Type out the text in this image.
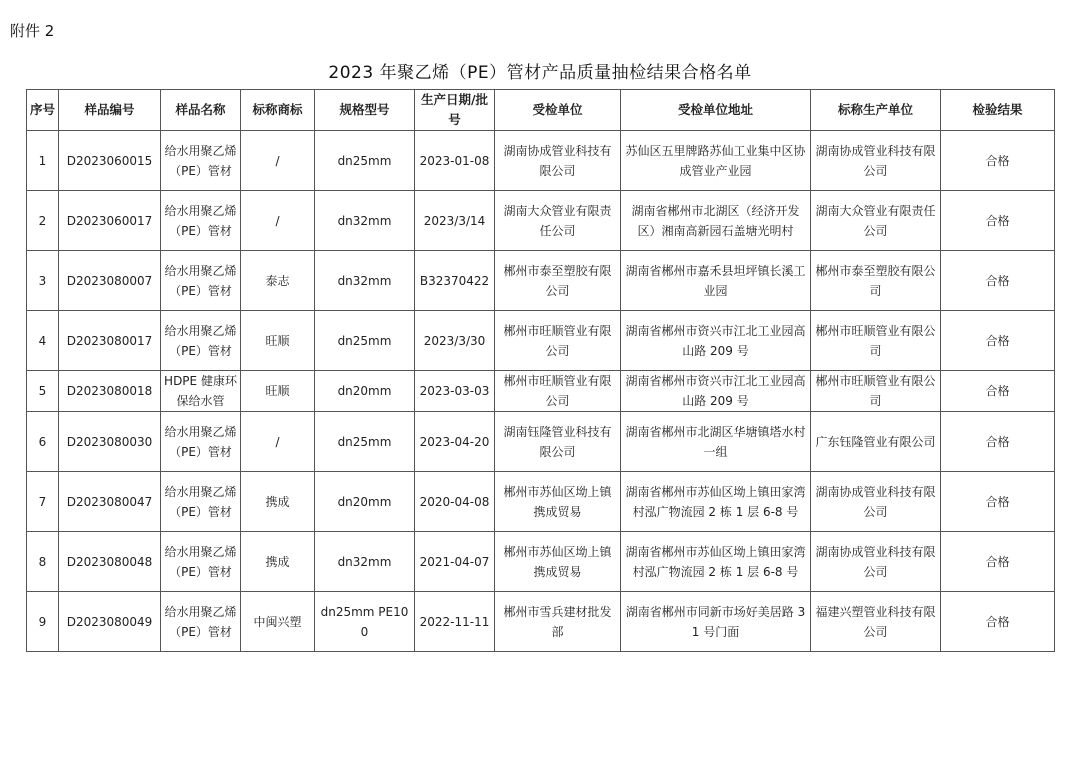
附件 2
2023 年聚乙烯（PE）管材产品质量抽检结果合格名单
序号	样品编号	样品名称	标称商标	规格型号	生产日期/批号	受检单位	受检单位地址	标称生产单位	检验结果
1	D2023060015	给水用聚乙烯（PE）管材	/	dn25mm	2023-01-08	湖南协成管业科技有限公司	苏仙区五里牌路苏仙工业集中区协成管业产业园	湖南协成管业科技有限公司	合格
2	D2023060017	给水用聚乙烯（PE）管材	/	dn32mm	2023/3/14	湖南大众管业有限责任公司	湖南省郴州市北湖区（经济开发区）湘南高新园石盖塘光明村	湖南大众管业有限责任公司	合格
3	D2023080007	给水用聚乙烯（PE）管材	泰志	dn32mm	B32370422	郴州市泰至塑胶有限公司	湖南省郴州市嘉禾县坦坪镇长溪工业园	郴州市泰至塑胶有限公司	合格
4	D2023080017	给水用聚乙烯（PE）管材	旺顺	dn25mm	2023/3/30	郴州市旺顺管业有限公司	湖南省郴州市资兴市江北工业园高山路 209 号	郴州市旺顺管业有限公司	合格
5	D2023080018	HDPE 健康环保给水管	旺顺	dn20mm	2023-03-03	郴州市旺顺管业有限公司	湖南省郴州市资兴市江北工业园高山路 209 号	郴州市旺顺管业有限公司	合格
6	D2023080030	给水用聚乙烯（PE）管材	/	dn25mm	2023-04-20	湖南钰隆管业科技有限公司	湖南省郴州市北湖区华塘镇塔水村一组	广东钰隆管业有限公司	合格
7	D2023080047	给水用聚乙烯（PE）管材	携成	dn20mm	2020-04-08	郴州市苏仙区坳上镇携成贸易	湖南省郴州市苏仙区坳上镇田家湾村泓广物流园 2 栋 1 层 6-8 号	湖南协成管业科技有限公司	合格
8	D2023080048	给水用聚乙烯（PE）管材	携成	dn32mm	2021-04-07	郴州市苏仙区坳上镇携成贸易	湖南省郴州市苏仙区坳上镇田家湾村泓广物流园 2 栋 1 层 6-8 号	湖南协成管业科技有限公司	合格
9	D2023080049	给水用聚乙烯（PE）管材	中闽兴塑	dn25mm PE100	2022-11-11	郴州市雪兵建材批发部	湖南省郴州市同新市场好美居路 31 号门面	福建兴塑管业科技有限公司	合格
